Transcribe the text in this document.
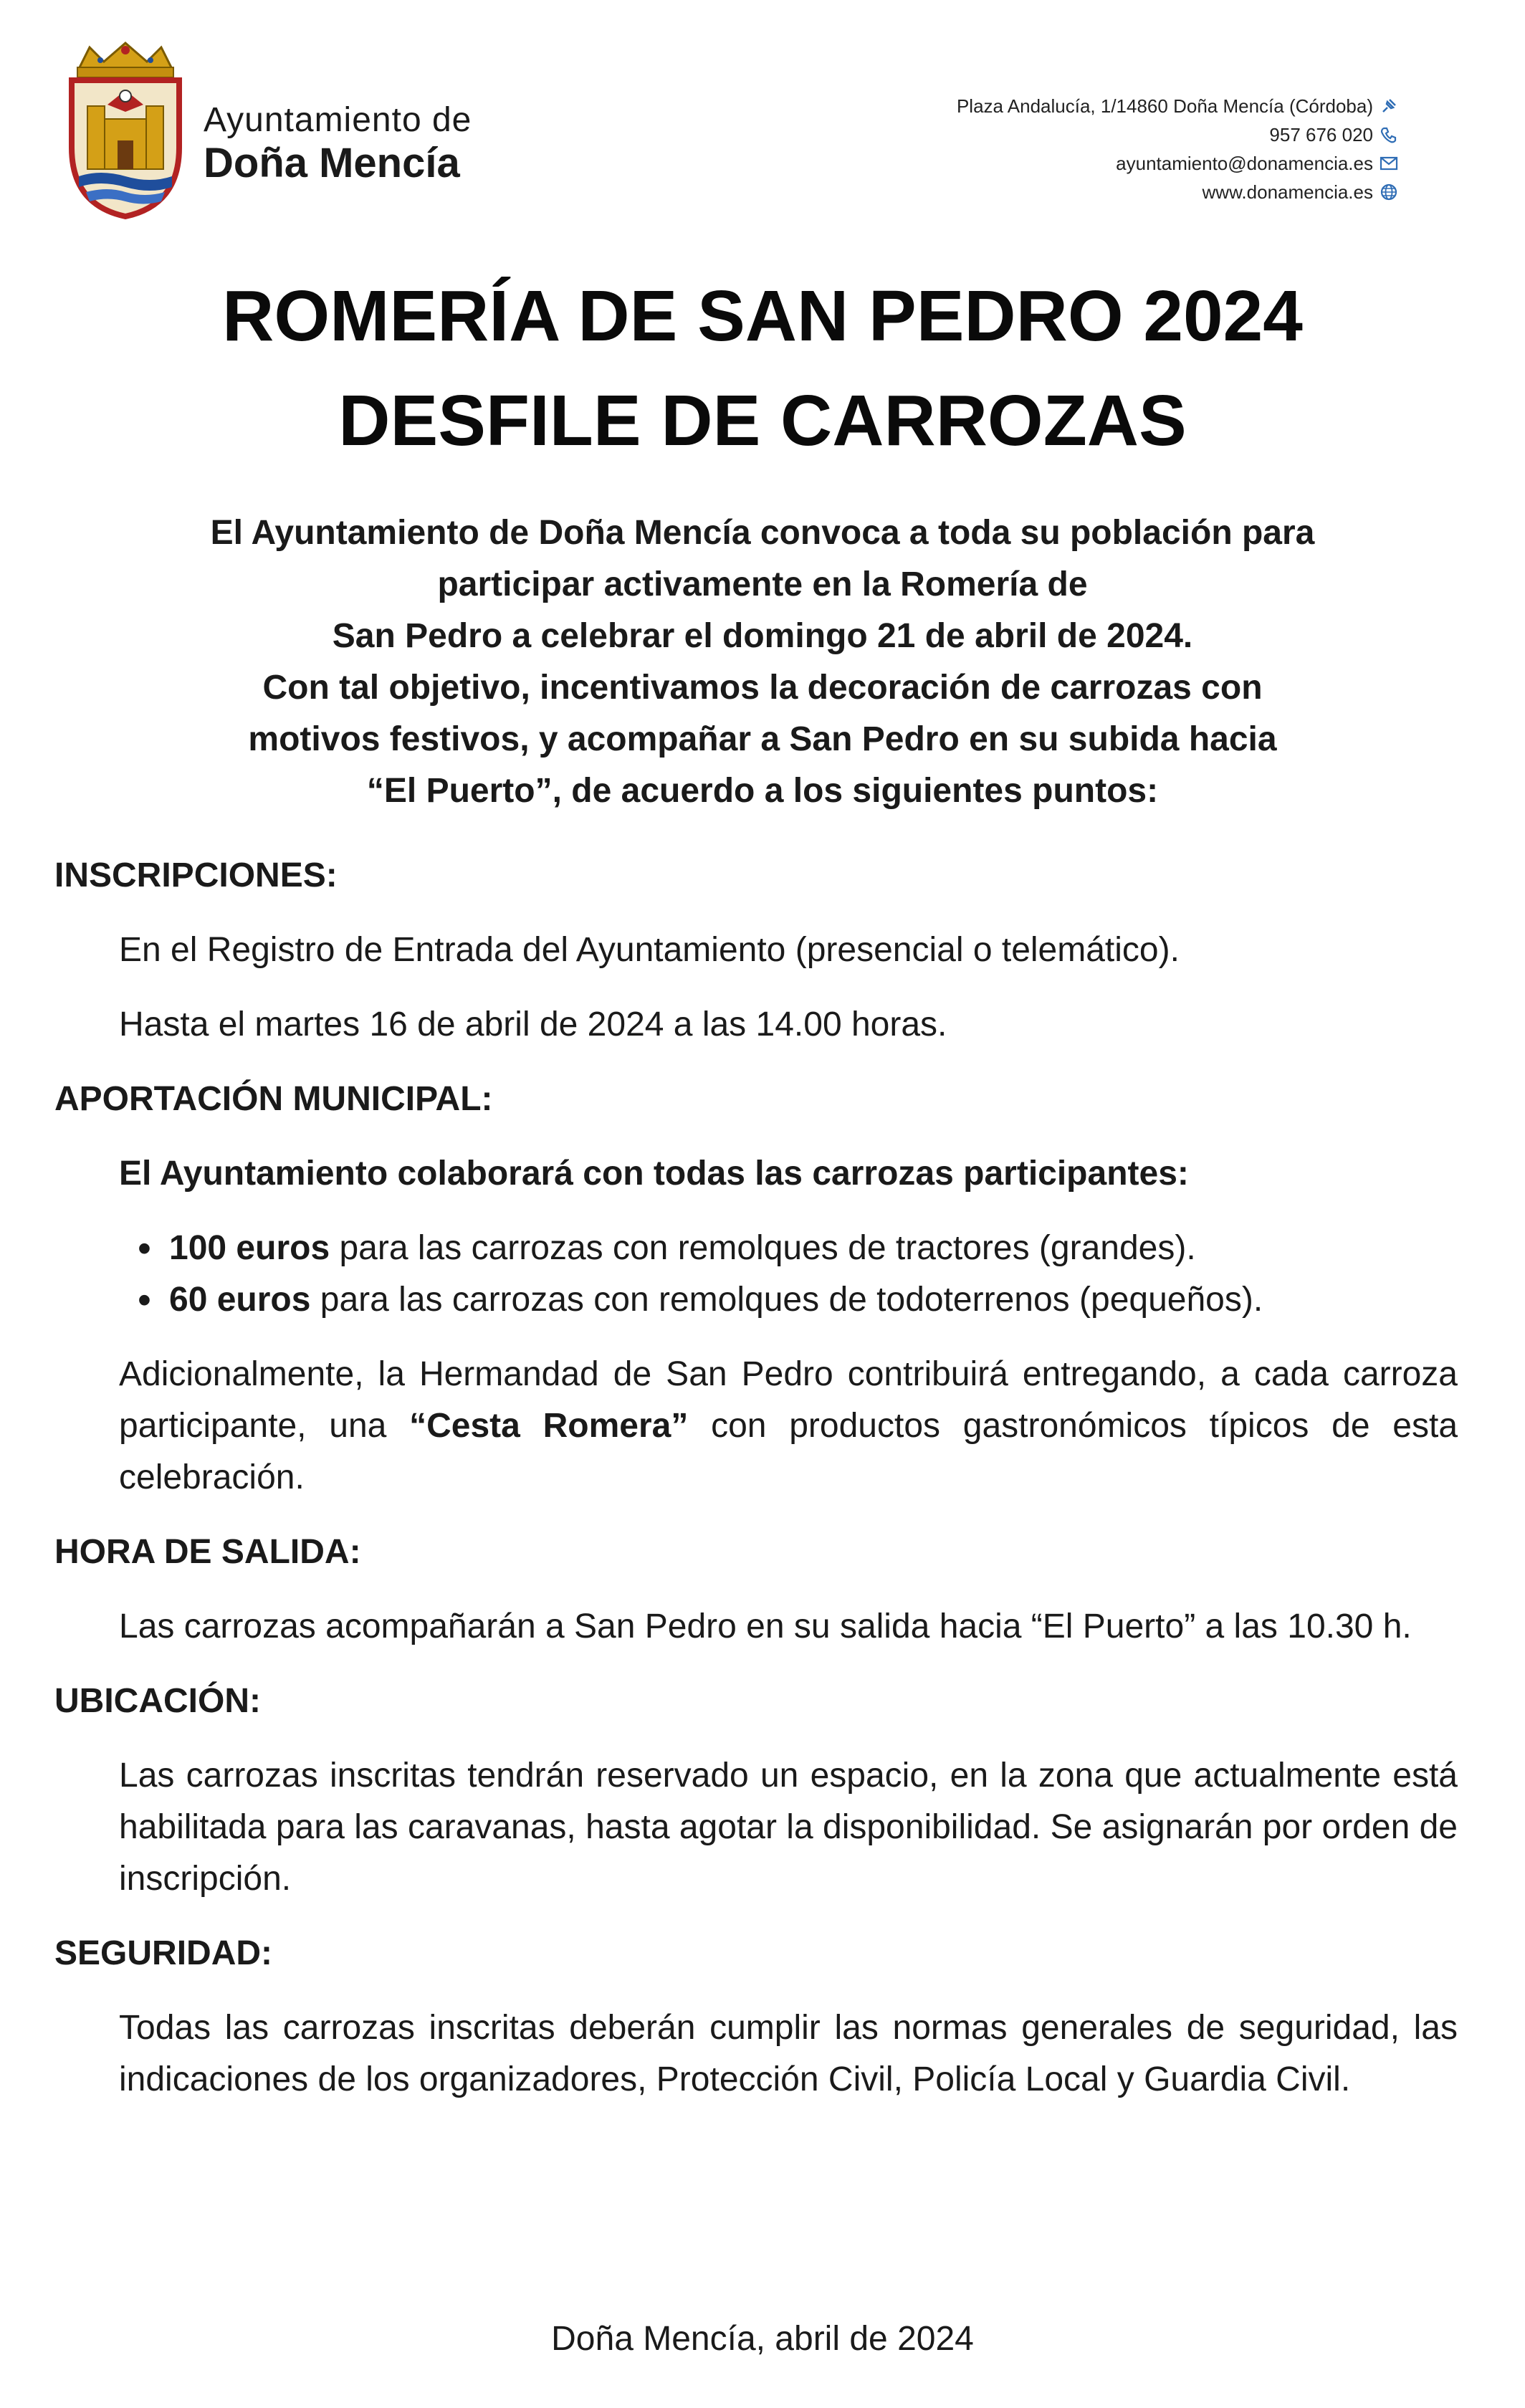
Ayuntamiento de
Doña Mencía
Plaza Andalucía, 1/14860 Doña Mencía (Córdoba)
957 676 020
ayuntamiento@donamencia.es
www.donamencia.es
ROMERÍA DE SAN PEDRO 2024
DESFILE DE CARROZAS
El Ayuntamiento de Doña Mencía convoca a toda su población para
participar activamente en la Romería de
San Pedro a celebrar el domingo 21 de abril de 2024.
Con tal objetivo, incentivamos la decoración de carrozas con
motivos festivos, y acompañar a San Pedro en su subida hacia
“El Puerto”, de acuerdo a los siguientes puntos:

INSCRIPCIONES:

En el Registro de Entrada del Ayuntamiento (presencial o telemático).

Hasta el martes 16 de abril de 2024 a las 14.00 horas.

APORTACIÓN MUNICIPAL:

El Ayuntamiento colaborará con todas las carrozas participantes:

• 100 euros para las carrozas con remolques de tractores (grandes).
• 60 euros para las carrozas con remolques de todoterrenos (pequeños).

Adicionalmente, la Hermandad de San Pedro contribuirá entregando, a cada carroza participante, una “Cesta Romera” con productos gastronómicos típicos de esta celebración.

HORA DE SALIDA:

Las carrozas acompañarán a San Pedro en su salida hacia “El Puerto” a las 10.30 h.

UBICACIÓN:

Las carrozas inscritas tendrán reservado un espacio, en la zona que actualmente está habilitada para las caravanas, hasta agotar la disponibilidad. Se asignarán por orden de inscripción.

SEGURIDAD:

Todas las carrozas inscritas deberán cumplir las normas generales de seguridad, las indicaciones de los organizadores, Protección Civil, Policía Local y Guardia Civil.

Doña Mencía, abril de 2024
